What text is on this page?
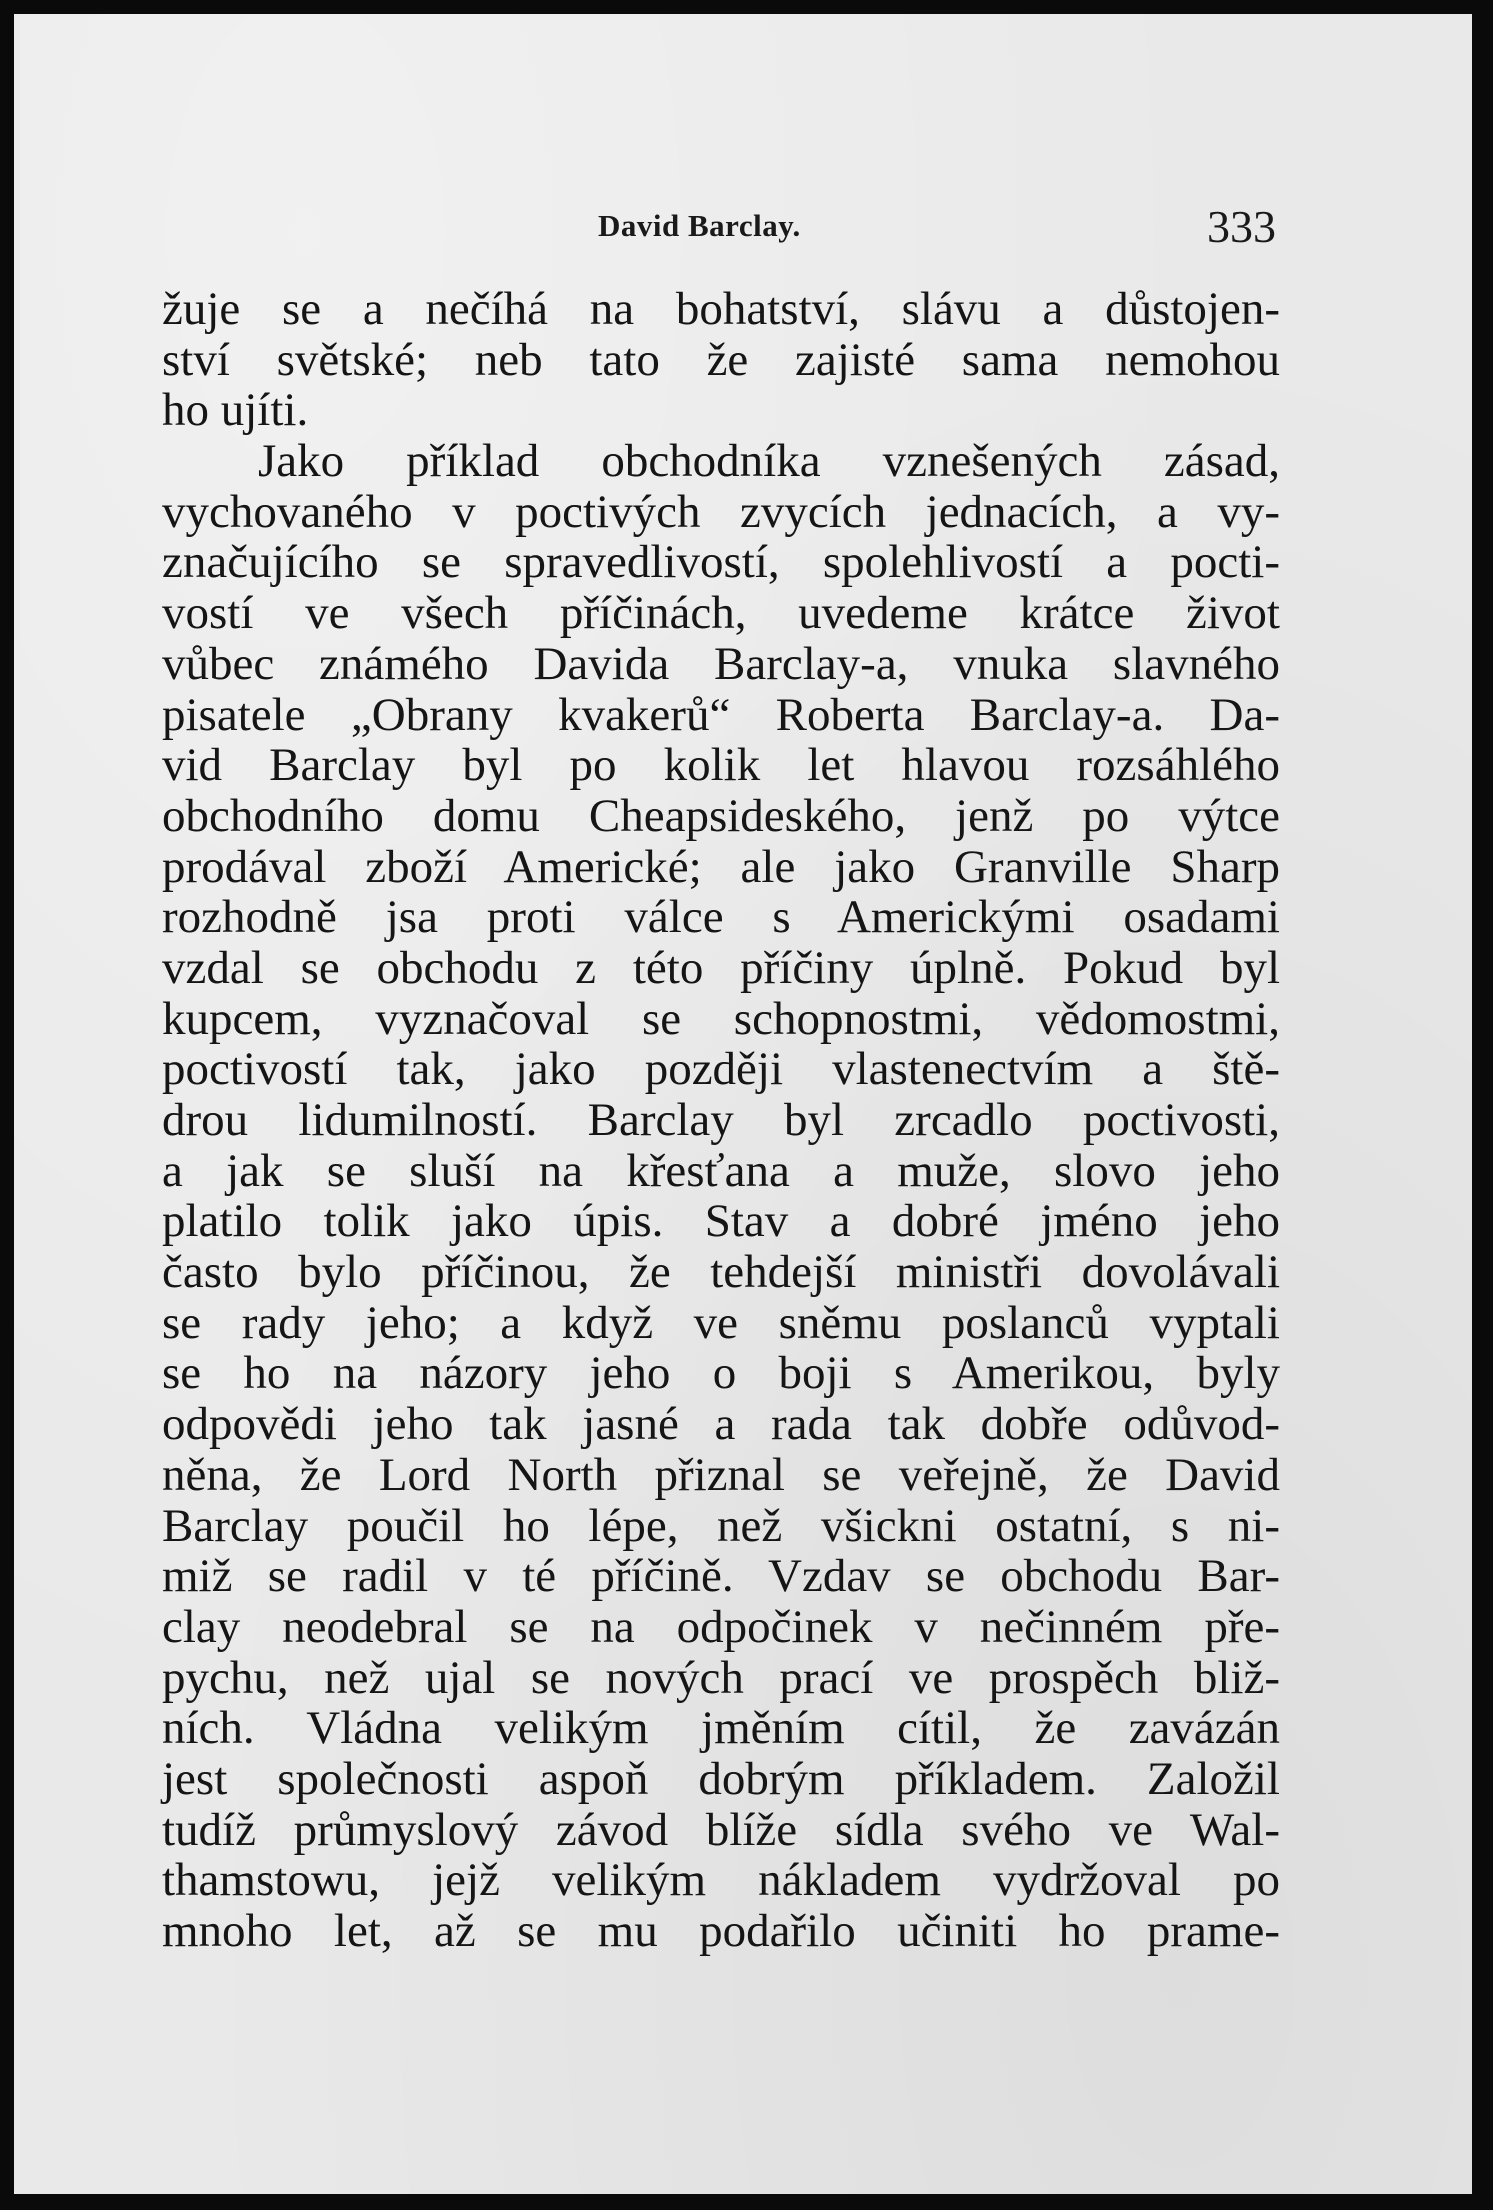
David Barclay.	333
žuje se a nečíhá na bohatství, slávu a důstojen-
ství světské; neb tato že zajisté sama nemohou
ho ujíti.
Jako příklad obchodníka vznešených zásad,
vychovaného v poctivých zvycích jednacích, a vy-
značujícího se spravedlivostí, spolehlivostí a pocti-
vostí ve všech příčinách, uvedeme krátce život
vůbec známého Davida Barclay-a, vnuka slavného
pisatele „Obrany kvakerů“ Roberta Barclay-a. Da-
vid Barclay byl po kolik let hlavou rozsáhlého
obchodního domu Cheapsideského, jenž po výtce
prodával zboží Americké; ale jako Granville Sharp
rozhodně jsa proti válce s Americkými osadami
vzdal se obchodu z této příčiny úplně. Pokud byl
kupcem, vyznačoval se schopnostmi, vědomostmi,
poctivostí tak, jako později vlastenectvím a ště-
drou lidumilností. Barclay byl zrcadlo poctivosti,
a jak se sluší na křesťana a muže, slovo jeho
platilo tolik jako úpis. Stav a dobré jméno jeho
často bylo příčinou, že tehdejší ministři dovolávali
se rady jeho; a když ve sněmu poslanců vyptali
se ho na názory jeho o boji s Amerikou, byly
odpovědi jeho tak jasné a rada tak dobře odůvod-
něna, že Lord North přiznal se veřejně, že David
Barclay poučil ho lépe, než všickni ostatní, s ni-
miž se radil v té příčině. Vzdav se obchodu Bar-
clay neodebral se na odpočinek v nečinném pře-
pychu, než ujal se nových prací ve prospěch bliž-
ních. Vládna velikým jměním cítil, že zavázán
jest společnosti aspoň dobrým příkladem. Založil
tudíž průmyslový závod blíže sídla svého ve Wal-
thamstowu, jejž velikým nákladem vydržoval po
mnoho let, až se mu podařilo učiniti ho prame-
